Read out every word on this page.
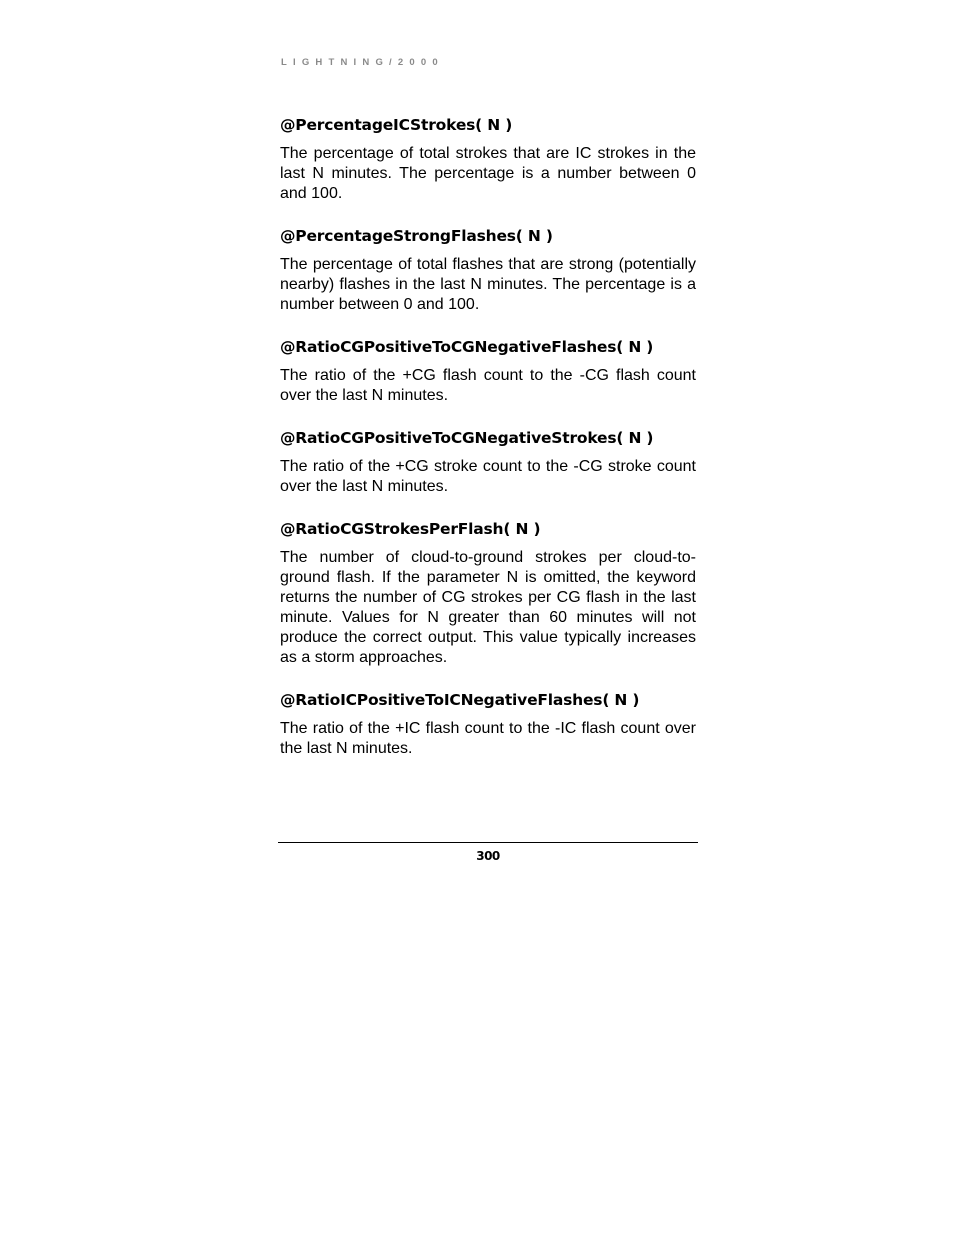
LIGHTNING/2000
@PercentageICStrokes( N )

The percentage of total strokes that are IC strokes in the last N minutes. The percentage is a number between 0 and 100.

@PercentageStrongFlashes( N )

The percentage of total flashes that are strong (potentially nearby) flashes in the last N minutes. The percentage is a number between 0 and 100.

@RatioCGPositiveToCGNegativeFlashes( N )

The ratio of the +CG flash count to the -CG flash count over the last N minutes.

@RatioCGPositiveToCGNegativeStrokes( N )

The ratio of the +CG stroke count to the -CG stroke count over the last N minutes.

@RatioCGStrokesPerFlash( N )

The number of cloud-to-ground strokes per cloud-to-ground flash. If the parameter N is omitted, the keyword returns the number of CG strokes per CG flash in the last minute. Values for N greater than 60 minutes will not produce the correct output. This value typically increases as a storm approaches.

@RatioICPositiveToICNegativeFlashes( N )

The ratio of the +IC flash count to the -IC flash count over the last N minutes.

300
